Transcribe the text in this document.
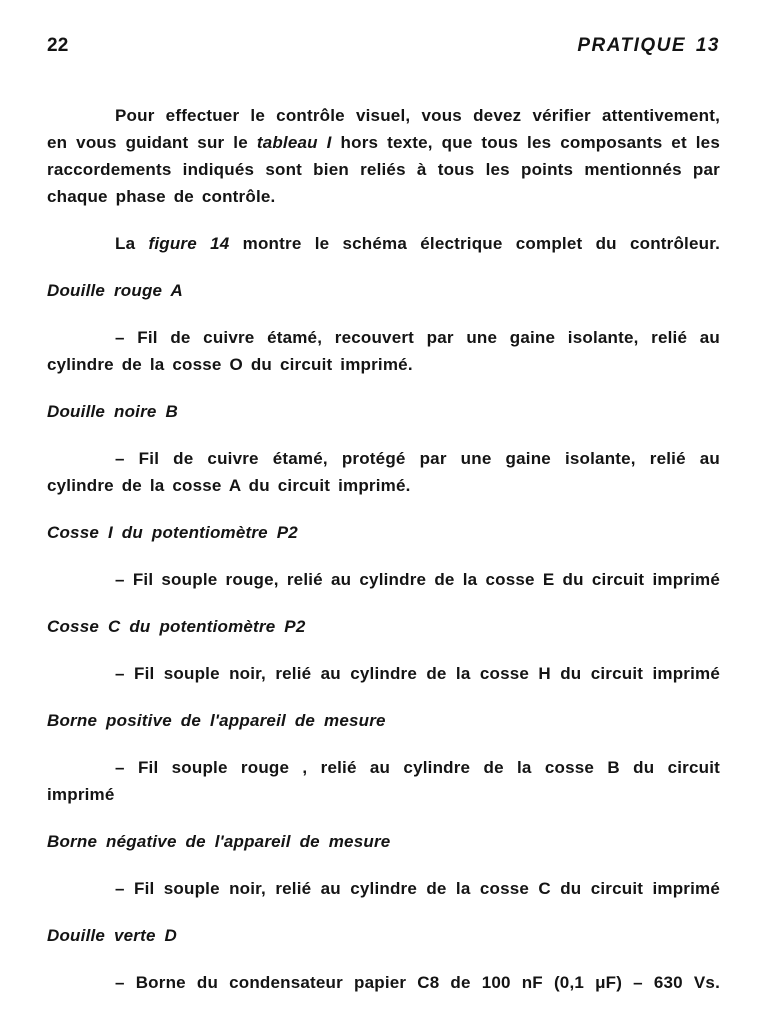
22	PRATIQUE 13

Pour effectuer le contrôle visuel, vous devez vérifier attentivement, en vous guidant sur le tableau I hors texte, que tous les composants et les raccordements indiqués sont bien reliés à tous les points mentionnés par chaque phase de contrôle.

La figure 14 montre le schéma électrique complet du contrôleur.

Douille rouge A

– Fil de cuivre étamé, recouvert par une gaine isolante, relié au cylindre de la cosse O du circuit imprimé.

Douille noire B

– Fil de cuivre étamé, protégé par une gaine isolante, relié au cylindre de la cosse A du circuit imprimé.

Cosse I du potentiomètre P2

– Fil souple rouge, relié au cylindre de la cosse E du circuit imprimé

Cosse C du potentiomètre P2

– Fil souple noir, relié au cylindre de la cosse H du circuit imprimé

Borne positive de l'appareil de mesure

– Fil souple rouge , relié au cylindre de la cosse B du circuit imprimé

Borne négative de l'appareil de mesure

– Fil souple noir, relié au cylindre de la cosse C du circuit imprimé

Douille verte D

– Borne du condensateur papier C8 de 100 nF (0,1 μF) – 630 Vs.
